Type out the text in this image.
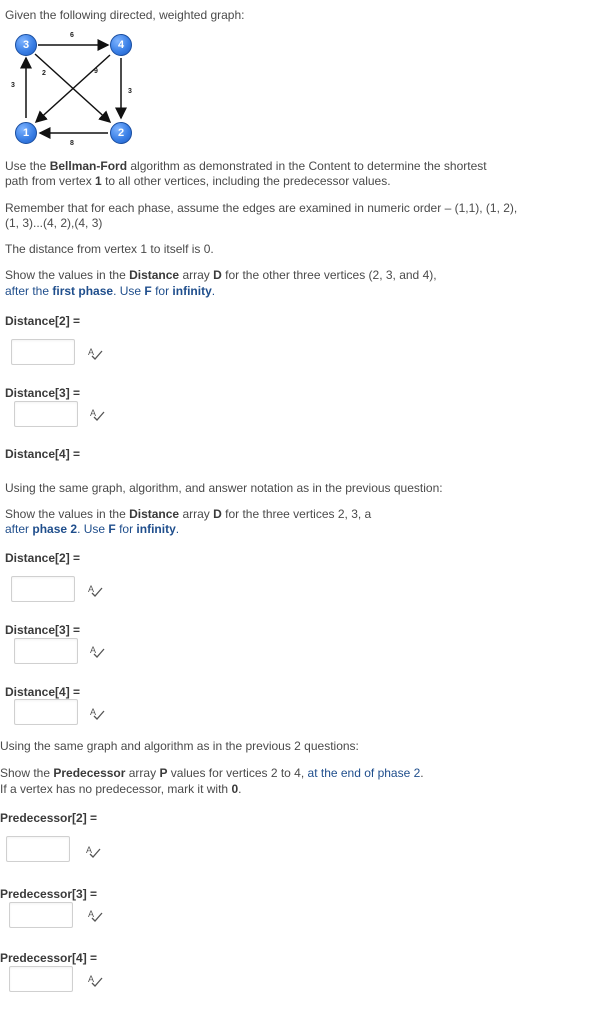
Given the following directed, weighted graph:
3	4
1	2
6
2	9
3
3
8
Use the Bellman-Ford algorithm as demonstrated in the Content to determine the shortest
path from vertex 1 to all other vertices, including the predecessor values.
Remember that for each phase, assume the edges are examined in numeric order – (1,1), (1, 2),
(1, 3)...(4, 2),(4, 3)
The distance from vertex 1 to itself is 0.
Show the values in the Distance array D for the other three vertices (2, 3, and 4),
after the first phase. Use F for infinity.
Distance[2] =
A
Distance[3] =
A
Distance[4] =
Using the same graph, algorithm, and answer notation as in the previous question:
Show the values in the Distance array D for the three vertices 2, 3, a
after phase 2. Use F for infinity.
Distance[2] =
A
Distance[3] =
A
Distance[4] =
A
Using the same graph and algorithm as in the previous 2 questions:
Show the Predecessor array P values for vertices 2 to 4, at the end of phase 2.
If a vertex has no predecessor, mark it with 0.
Predecessor[2] =
A
Predecessor[3] =
A
Predecessor[4] =
A
